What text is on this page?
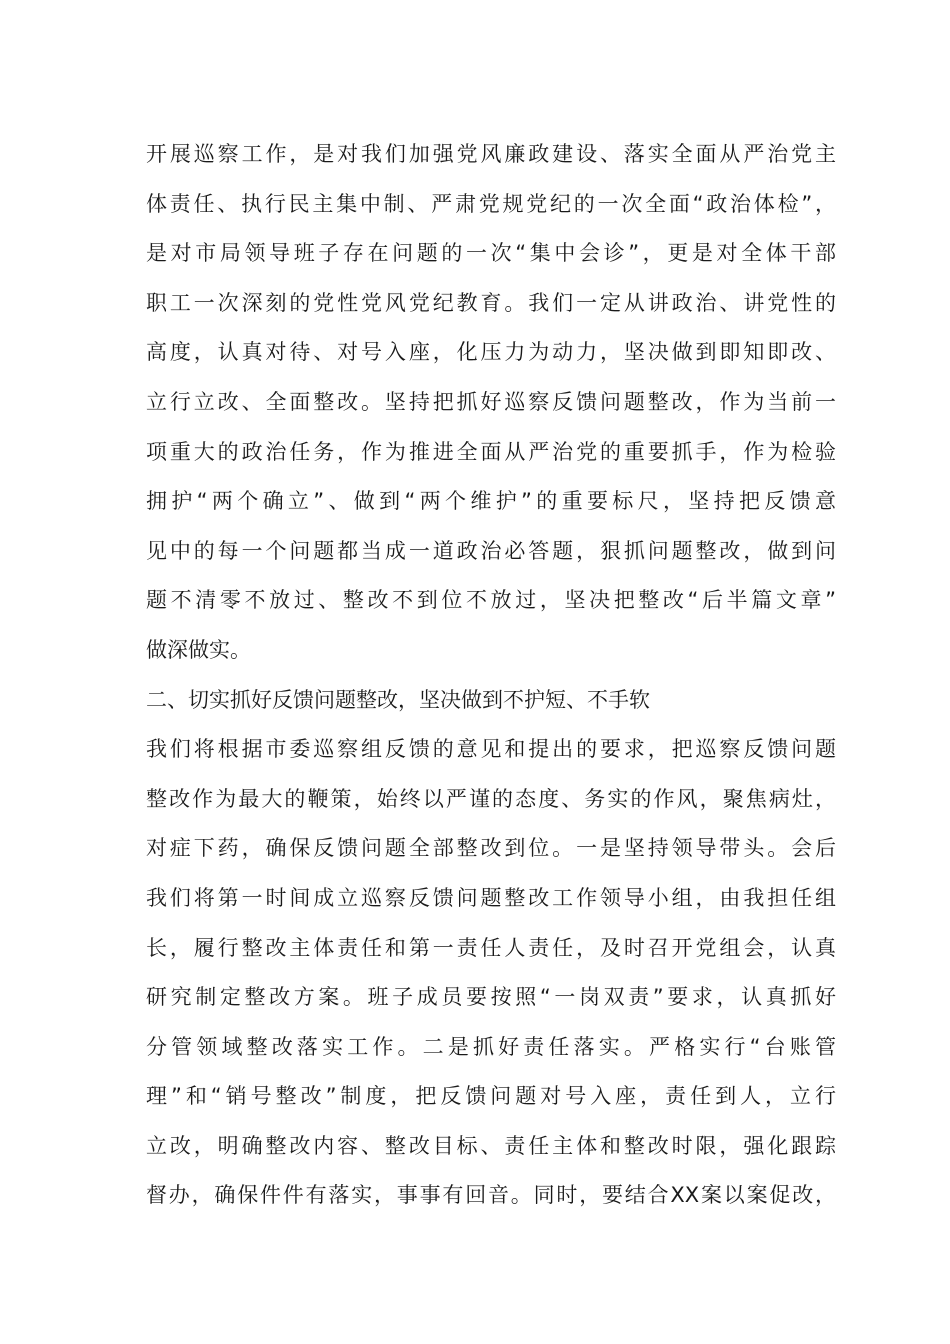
开展巡察工作，是对我们加强党风廉政建设、落实全面从严治党主
体责任、执行民主集中制、严肃党规党纪的一次全面“政治体检”，
是对市局领导班子存在问题的一次“集中会诊”，更是对全体干部
职工一次深刻的党性党风党纪教育。我们一定从讲政治、讲党性的
高度，认真对待、对号入座，化压力为动力，坚决做到即知即改、
立行立改、全面整改。坚持把抓好巡察反馈问题整改，作为当前一
项重大的政治任务，作为推进全面从严治党的重要抓手，作为检验
拥护“两个确立”、做到“两个维护”的重要标尺，坚持把反馈意
见中的每一个问题都当成一道政治必答题，狠抓问题整改，做到问
题不清零不放过、整改不到位不放过，坚决把整改“后半篇文章”
做深做实。
二、切实抓好反馈问题整改，坚决做到不护短、不手软
我们将根据市委巡察组反馈的意见和提出的要求，把巡察反馈问题
整改作为最大的鞭策，始终以严谨的态度、务实的作风，聚焦病灶，
对症下药，确保反馈问题全部整改到位。一是坚持领导带头。会后
我们将第一时间成立巡察反馈问题整改工作领导小组，由我担任组
长，履行整改主体责任和第一责任人责任，及时召开党组会，认真
研究制定整改方案。班子成员要按照“一岗双责”要求，认真抓好
分管领域整改落实工作。二是抓好责任落实。严格实行“台账管
理”和“销号整改”制度，把反馈问题对号入座，责任到人，立行
立改，明确整改内容、整改目标、责任主体和整改时限，强化跟踪
督办，确保件件有落实，事事有回音。同时，要结合XX案以案促改，
